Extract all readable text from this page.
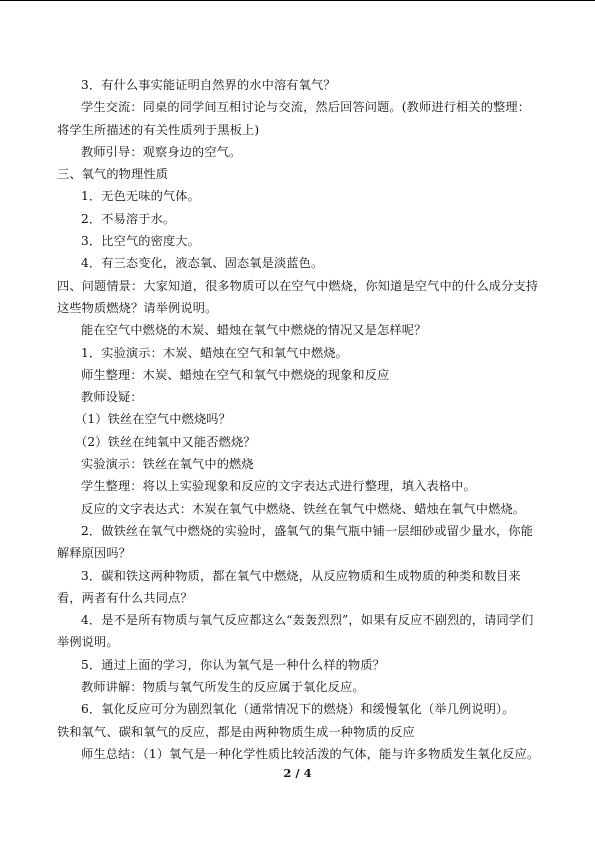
3．有什么事实能证明自然界的水中溶有氧气？

学生交流：同桌的同学间互相讨论与交流，然后回答问题。(教师进行相关的整理：将学生所描述的有关性质列于黑板上)

教师引导：观察身边的空气。

三、氧气的物理性质

1．无色无味的气体。

2．不易溶于水。

3．比空气的密度大。

4．有三态变化，液态氧、固态氧是淡蓝色。

四、问题情景：大家知道，很多物质可以在空气中燃烧，你知道是空气中的什么成分支持这些物质燃烧？请举例说明。

能在空气中燃烧的木炭、蜡烛在氧气中燃烧的情况又是怎样呢？

1．实验演示：木炭、蜡烛在空气和氧气中燃烧。

师生整理：木炭、蜡烛在空气和氧气中燃烧的现象和反应

教师设疑：

（1）铁丝在空气中燃烧吗？

（2）铁丝在纯氧中又能否燃烧？

实验演示：铁丝在氧气中的燃烧

学生整理：将以上实验现象和反应的文字表达式进行整理，填入表格中。

反应的文字表达式：木炭在氧气中燃烧、铁丝在氧气中燃烧、蜡烛在氧气中燃烧。

2．做铁丝在氧气中燃烧的实验时，盛氧气的集气瓶中铺一层细砂或留少量水，你能解释原因吗？

3．碳和铁这两种物质，都在氧气中燃烧，从反应物质和生成物质的种类和数目来看，两者有什么共同点？

4．是不是所有物质与氧气反应都这么“轰轰烈烈”，如果有反应不剧烈的，请同学们举例说明。

5．通过上面的学习，你认为氧气是一种什么样的物质？

教师讲解：物质与氧气所发生的反应属于氧化反应。

6．氧化反应可分为剧烈氧化（通常情况下的燃烧）和缓慢氧化（举几例说明）。

铁和氧气、碳和氧气的反应，都是由两种物质生成一种物质的反应

师生总结：（1）氧气是一种化学性质比较活泼的气体，能与许多物质发生氧化反应。

2 / 4
